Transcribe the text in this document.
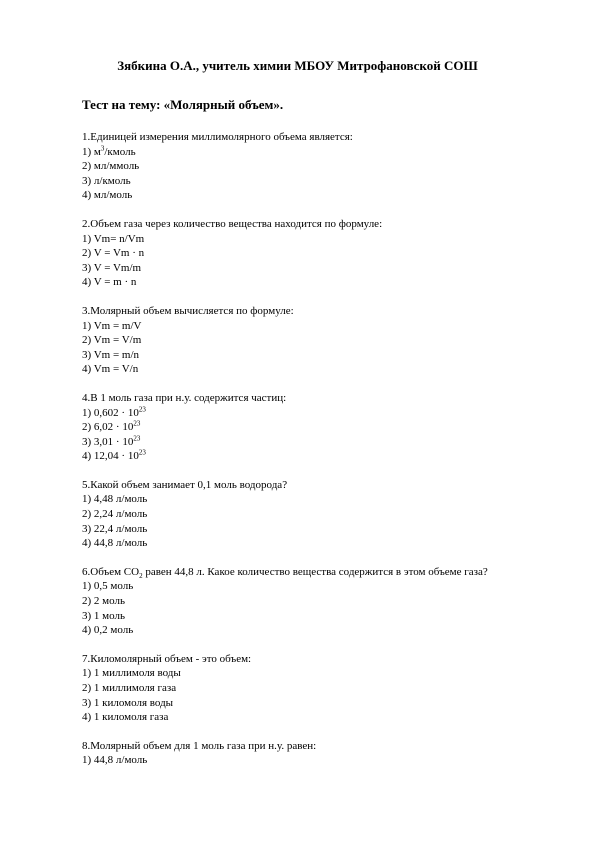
Зябкина О.А., учитель химии МБОУ Митрофановской СОШ
Тест на тему: «Молярный объем».
1.Единицей измерения миллимолярного объема является:
1) $м^3$/кмоль
2) мл/ммоль
3) л/кмоль
4) мл/моль
2.Объем газа через количество вещества находится по формуле:
1) Vm= n/Vm
2) V = Vm · n
3) V = Vm/m
4) V = m · n
3.Молярный объем вычисляется по формуле:
1) Vm = m/V
2) Vm = V/m
3) Vm = m/n
4) Vm = V/n
4.В 1 моль газа при н.у. содержится частиц:
1) $0,602 \cdot 10^{23}$
2) $6,02 \cdot 10^{23}$
3) $3,01 \cdot 10^{23}$
4) $12,04 \cdot 10^{23}$
5.Какой объем занимает 0,1 моль водорода?
1) 4,48 л/моль
2) 2,24 л/моль
3) 22,4 л/моль
4) 44,8 л/моль
6.Объем $СО_2$ равен 44,8 л. Какое количество вещества содержится в этом объеме газа?
1) 0,5 моль
2) 2 моль
3) 1 моль
4) 0,2 моль
7.Киломолярный объем - это объем:
1) 1 миллимоля воды
2) 1 миллимоля газа
3) 1 киломоля воды
4) 1 киломоля газа
8.Молярный объем для 1 моль газа при н.у. равен:
1) 44,8 л/моль
